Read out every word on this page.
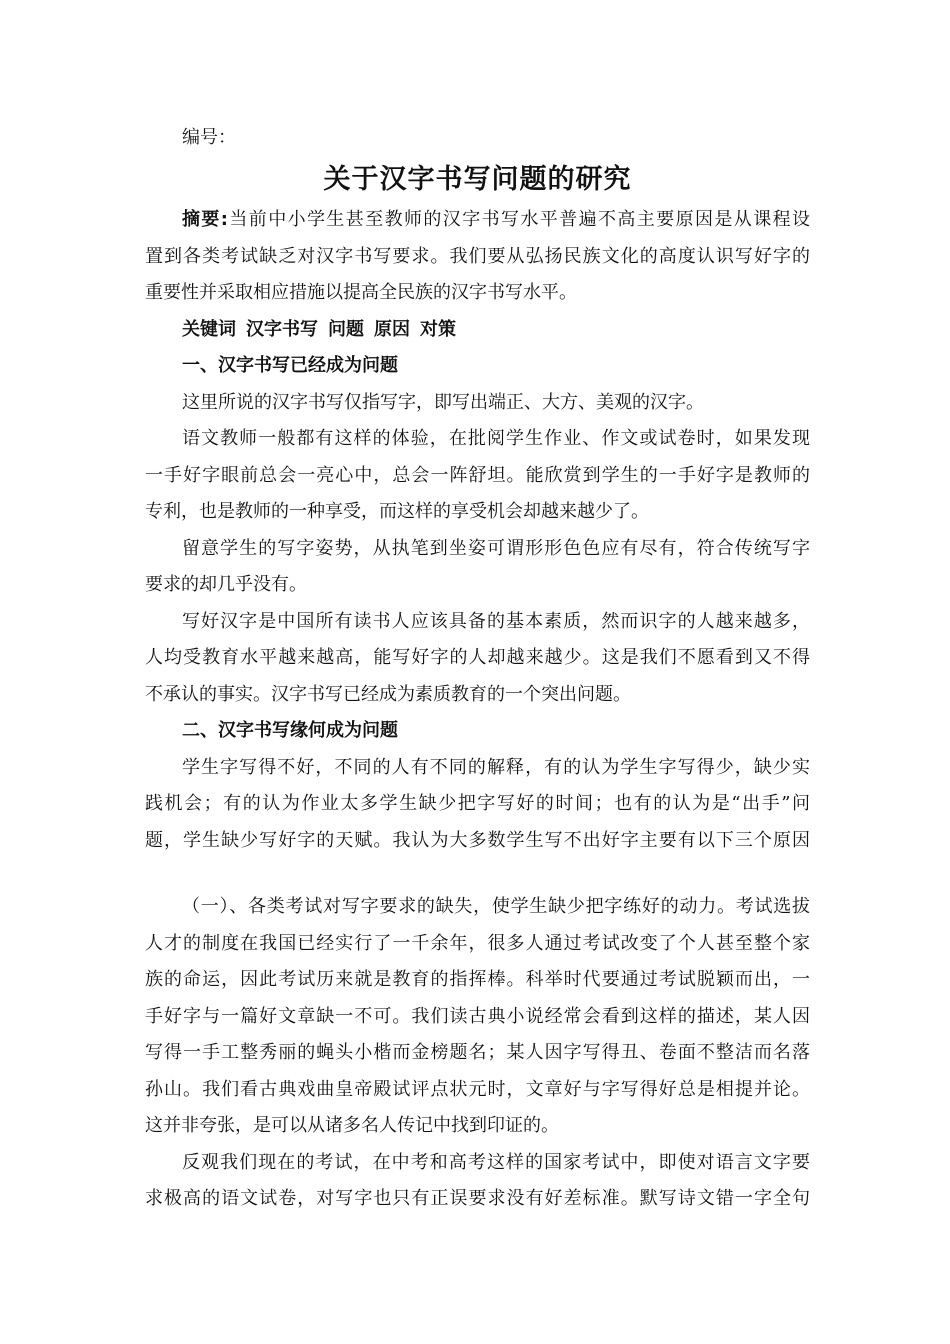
编号：
关于汉字书写问题的研究
摘要:当前中小学生甚至教师的汉字书写水平普遍不高主要原因是从课程设
置到各类考试缺乏对汉字书写要求。我们要从弘扬民族文化的高度认识写好字的
重要性并采取相应措施以提高全民族的汉字书写水平。
关键词 汉字书写 问题 原因 对策
一、汉字书写已经成为问题
这里所说的汉字书写仅指写字，即写出端正、大方、美观的汉字。
语文教师一般都有这样的体验，在批阅学生作业、作文或试卷时，如果发现
一手好字眼前总会一亮心中，总会一阵舒坦。能欣赏到学生的一手好字是教师的
专利，也是教师的一种享受，而这样的享受机会却越来越少了。
留意学生的写字姿势，从执笔到坐姿可谓形形色色应有尽有，符合传统写字
要求的却几乎没有。
写好汉字是中国所有读书人应该具备的基本素质，然而识字的人越来越多，
人均受教育水平越来越高，能写好字的人却越来越少。这是我们不愿看到又不得
不承认的事实。汉字书写已经成为素质教育的一个突出问题。
二、汉字书写缘何成为问题
学生字写得不好，不同的人有不同的解释，有的认为学生字写得少，缺少实
践机会；有的认为作业太多学生缺少把字写好的时间；也有的认为是“出手”问
题，学生缺少写好字的天赋。我认为大多数学生写不出好字主要有以下三个原因
（一）、各类考试对写字要求的缺失，使学生缺少把字练好的动力。考试选拔
人才的制度在我国已经实行了一千余年，很多人通过考试改变了个人甚至整个家
族的命运，因此考试历来就是教育的指挥棒。科举时代要通过考试脱颖而出，一
手好字与一篇好文章缺一不可。我们读古典小说经常会看到这样的描述，某人因
写得一手工整秀丽的蝇头小楷而金榜题名；某人因字写得丑、卷面不整洁而名落
孙山。我们看古典戏曲皇帝殿试评点状元时，文章好与字写得好总是相提并论。
这并非夸张，是可以从诸多名人传记中找到印证的。
反观我们现在的考试，在中考和高考这样的国家考试中，即使对语言文字要
求极高的语文试卷，对写字也只有正误要求没有好差标准。默写诗文错一字全句
